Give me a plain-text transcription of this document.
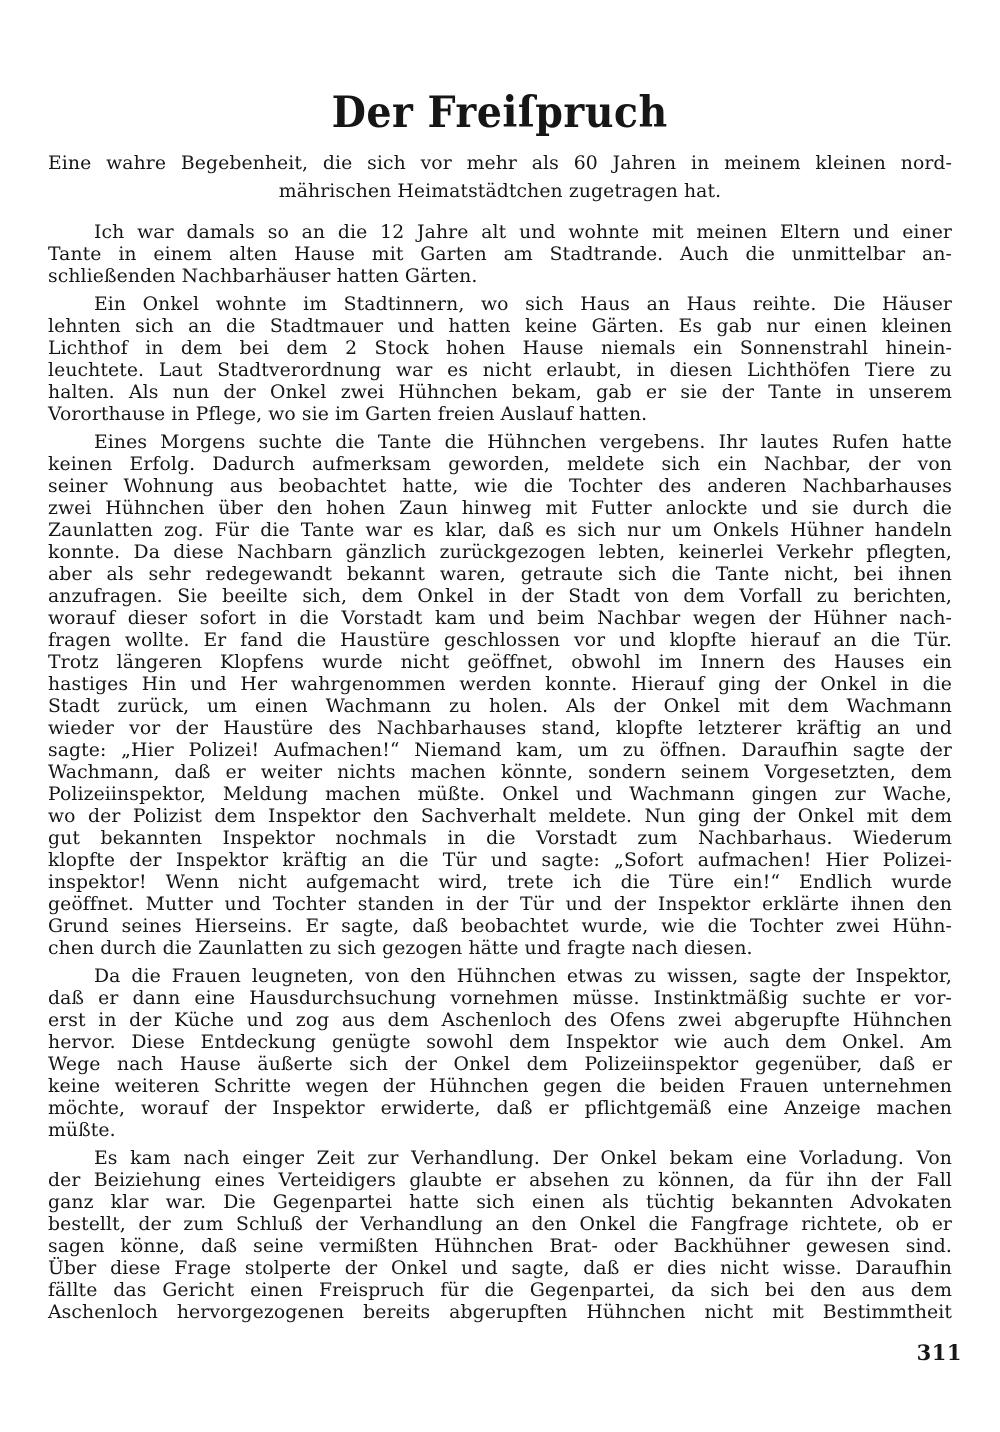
Der Freiſpruch
Eine wahre Begebenheit, die sich vor mehr als 60 Jahren in meinem kleinen nord-
mährischen Heimatstädtchen zugetragen hat.
Ich war damals so an die 12 Jahre alt und wohnte mit meinen Eltern und einer
Tante in einem alten Hause mit Garten am Stadtrande. Auch die unmittelbar an-
schließenden Nachbarhäuser hatten Gärten.
Ein Onkel wohnte im Stadtinnern, wo sich Haus an Haus reihte. Die Häuser
lehnten sich an die Stadtmauer und hatten keine Gärten. Es gab nur einen kleinen
Lichthof in dem bei dem 2 Stock hohen Hause niemals ein Sonnenstrahl hinein-
leuchtete. Laut Stadtverordnung war es nicht erlaubt, in diesen Lichthöfen Tiere zu
halten. Als nun der Onkel zwei Hühnchen bekam, gab er sie der Tante in unserem
Vororthause in Pflege, wo sie im Garten freien Auslauf hatten.
Eines Morgens suchte die Tante die Hühnchen vergebens. Ihr lautes Rufen hatte
keinen Erfolg. Dadurch aufmerksam geworden, meldete sich ein Nachbar, der von
seiner Wohnung aus beobachtet hatte, wie die Tochter des anderen Nachbarhauses
zwei Hühnchen über den hohen Zaun hinweg mit Futter anlockte und sie durch die
Zaunlatten zog. Für die Tante war es klar, daß es sich nur um Onkels Hühner handeln
konnte. Da diese Nachbarn gänzlich zurückgezogen lebten, keinerlei Verkehr pflegten,
aber als sehr redegewandt bekannt waren, getraute sich die Tante nicht, bei ihnen
anzufragen. Sie beeilte sich, dem Onkel in der Stadt von dem Vorfall zu berichten,
worauf dieser sofort in die Vorstadt kam und beim Nachbar wegen der Hühner nach-
fragen wollte. Er fand die Haustüre geschlossen vor und klopfte hierauf an die Tür.
Trotz längeren Klopfens wurde nicht geöffnet, obwohl im Innern des Hauses ein
hastiges Hin und Her wahrgenommen werden konnte. Hierauf ging der Onkel in die
Stadt zurück, um einen Wachmann zu holen. Als der Onkel mit dem Wachmann
wieder vor der Haustüre des Nachbarhauses stand, klopfte letzterer kräftig an und
sagte: „Hier Polizei! Aufmachen!“ Niemand kam, um zu öffnen. Daraufhin sagte der
Wachmann, daß er weiter nichts machen könnte, sondern seinem Vorgesetzten, dem
Polizeiinspektor, Meldung machen müßte. Onkel und Wachmann gingen zur Wache,
wo der Polizist dem Inspektor den Sachverhalt meldete. Nun ging der Onkel mit dem
gut bekannten Inspektor nochmals in die Vorstadt zum Nachbarhaus. Wiederum
klopfte der Inspektor kräftig an die Tür und sagte: „Sofort aufmachen! Hier Polizei-
inspektor! Wenn nicht aufgemacht wird, trete ich die Türe ein!“ Endlich wurde
geöffnet. Mutter und Tochter standen in der Tür und der Inspektor erklärte ihnen den
Grund seines Hierseins. Er sagte, daß beobachtet wurde, wie die Tochter zwei Hühn-
chen durch die Zaunlatten zu sich gezogen hätte und fragte nach diesen.
Da die Frauen leugneten, von den Hühnchen etwas zu wissen, sagte der Inspektor,
daß er dann eine Hausdurchsuchung vornehmen müsse. Instinktmäßig suchte er vor-
erst in der Küche und zog aus dem Aschenloch des Ofens zwei abgerupfte Hühnchen
hervor. Diese Entdeckung genügte sowohl dem Inspektor wie auch dem Onkel. Am
Wege nach Hause äußerte sich der Onkel dem Polizeiinspektor gegenüber, daß er
keine weiteren Schritte wegen der Hühnchen gegen die beiden Frauen unternehmen
möchte, worauf der Inspektor erwiderte, daß er pflichtgemäß eine Anzeige machen
müßte.
Es kam nach einger Zeit zur Verhandlung. Der Onkel bekam eine Vorladung. Von
der Beiziehung eines Verteidigers glaubte er absehen zu können, da für ihn der Fall
ganz klar war. Die Gegenpartei hatte sich einen als tüchtig bekannten Advokaten
bestellt, der zum Schluß der Verhandlung an den Onkel die Fangfrage richtete, ob er
sagen könne, daß seine vermißten Hühnchen Brat- oder Backhühner gewesen sind.
Über diese Frage stolperte der Onkel und sagte, daß er dies nicht wisse. Daraufhin
fällte das Gericht einen Freispruch für die Gegenpartei, da sich bei den aus dem
Aschenloch hervorgezogenen bereits abgerupften Hühnchen nicht mit Bestimmtheit
311
